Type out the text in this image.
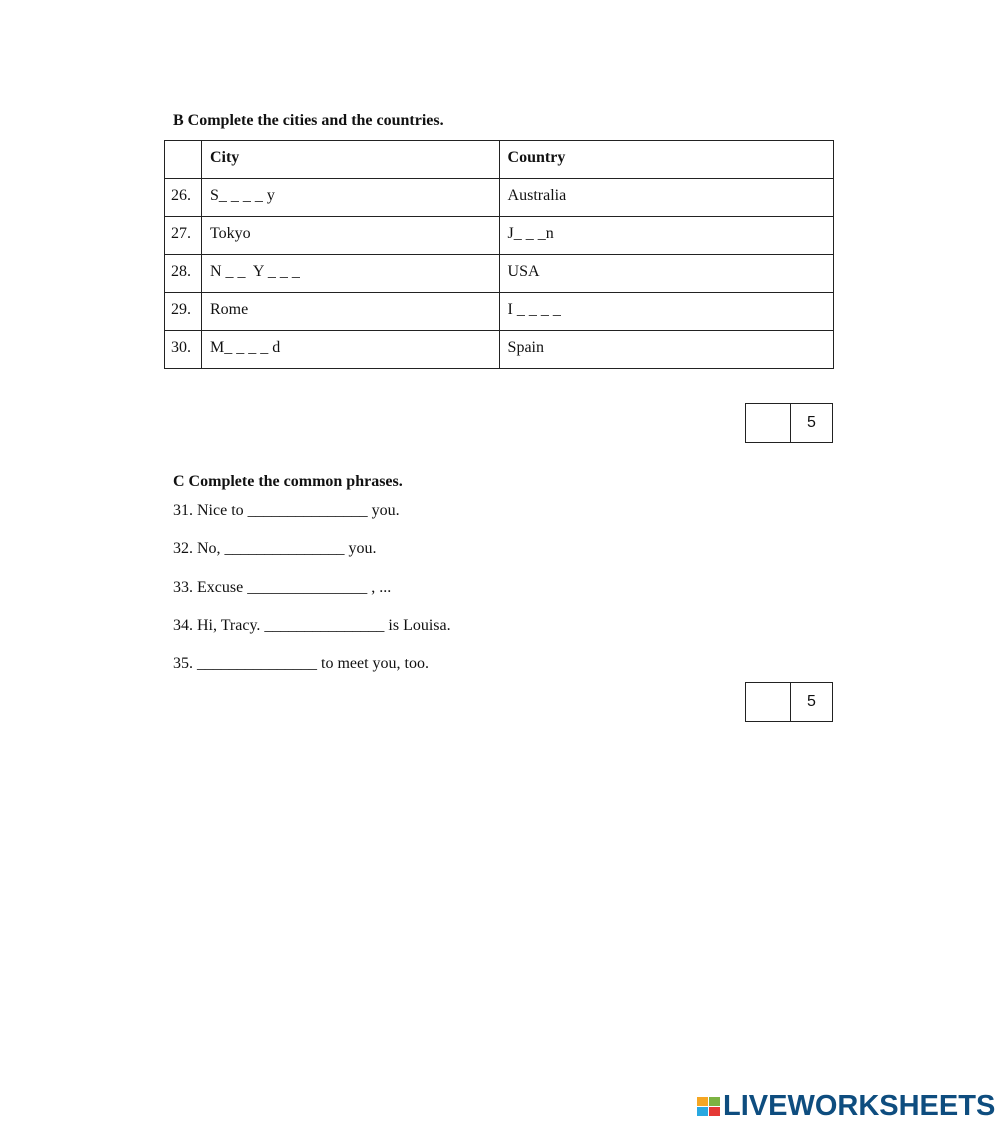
B Complete the cities and the countries.
	City	Country
26.	S_ _ _ _ y	Australia
27.	Tokyo	J_ _ _n
28.	N _ _  Y _ _ _	USA
29.	Rome	I _ _ _ _
30.	M_ _ _ _ d	Spain
5
C Complete the common phrases.
31. Nice to _______________ you.
32. No, _______________ you.
33. Excuse _______________ , ...
34. Hi, Tracy. _______________ is Louisa.
35. _______________ to meet you, too.
5
LIVEWORKSHEETS
